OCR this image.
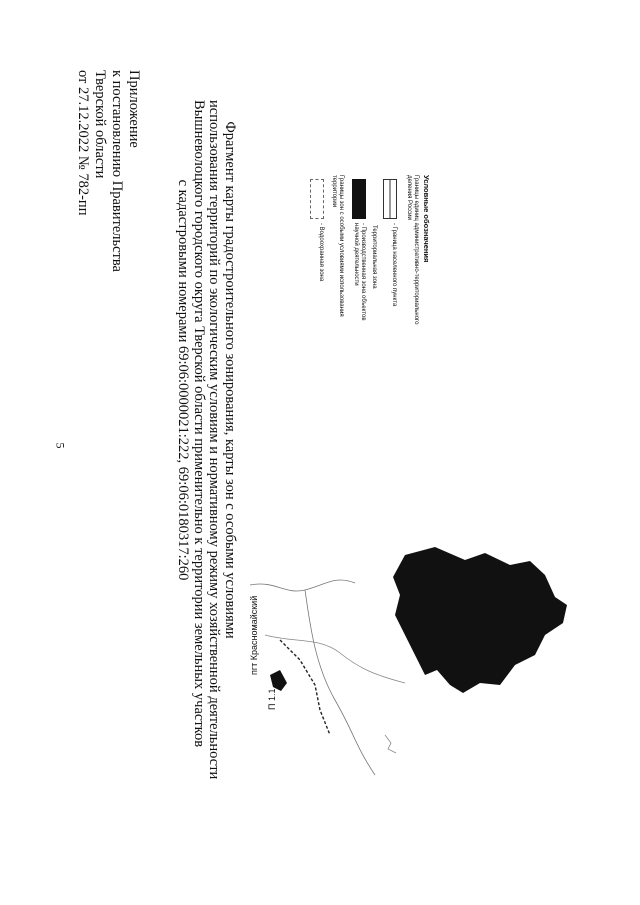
5
Приложение
к постановлению Правительства
Тверской области
от 27.12.2022 № 782-пп	Фрагмент карты градостроительного зонирования, карты зон с особыми условиями
использования территорий по экологическим условиям и нормативному режиму хозяйственной деятельности
Вышневолоцкого городского округа Тверской области применительно к территории земельных участков
с кадастровыми номерами 69:06:0000021:222, 69:06:0180317:260	Условные обозначения
Границы единиц административно-территориального деления России
- Граница населенного пункта
Территориальная зона
- Производственная зона объектов научной деятельности
Границы зон с особыми условиями использования территории
- Водоохранная зона
пгт Красномайский
П 1.1
